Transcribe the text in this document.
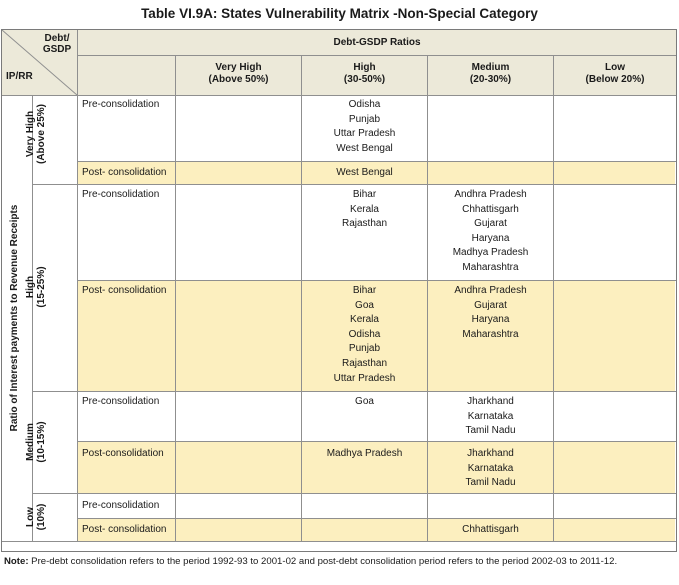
Table VI.9A: States Vulnerability Matrix -Non-Special Category
Debt/
GSDP
IP/RR
Debt-GSDP Ratios
Very High
(Above 50%)
High
(30-50%)
Medium
(20-30%)
Low
(Below 20%)
Ratio of Interest payments to Revenue Receipts
Very High (Above 25%)
High (15-25%)
Medium (10-15%)
Low (10%)
Pre-consolidation
Post- consolidation
Pre-consolidation
Post- consolidation
Pre-consolidation
Post-consolidation
Pre-consolidation
Post- consolidation
Odisha
Punjab
Uttar Pradesh
West Bengal
West Bengal
Bihar
Kerala
Rajasthan
Bihar
Goa
Kerala
Odisha
Punjab
Rajasthan
Uttar Pradesh
Goa
Madhya Pradesh
Andhra Pradesh
Chhattisgarh
Gujarat
Haryana
Madhya Pradesh
Maharashtra
Andhra Pradesh
Gujarat
Haryana
Maharashtra
Jharkhand
Karnataka
Tamil Nadu
Jharkhand
Karnataka
Tamil Nadu
Chhattisgarh
Note: Pre-debt consolidation refers to the period 1992-93 to 2001-02 and post-debt consolidation period refers to the period 2002-03 to 2011-12.
